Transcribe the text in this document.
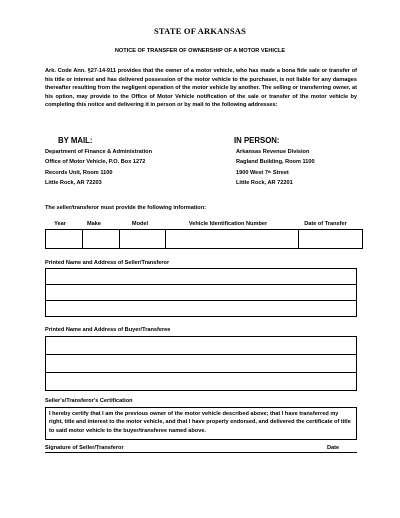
STATE OF ARKANSAS
NOTICE OF TRANSFER OF OWNERSHIP OF A MOTOR VEHICLE
Ark. Code Ann. §27-14-911 provides that the owner of a motor vehicle, who has made a bona fide sale or transfer of his title or interest and has delivered possession of the motor vehicle to the purchaser, is not liable for any damages thereafter resulting from the negligent operation of the motor vehicle by another. The selling or transferring owner, at his option, may provide to the Office of Motor Vehicle notification of the sale or transfer of the motor vehicle by completing this notice and delivering it in person or by mail to the following addresses:
BY MAIL:
Department of Finance & Administration
Office of Motor Vehicle, P.O. Box 1272
Records Unit, Room 1100
Little Rock, AR 72203
IN PERSON:
Arkansas Revenue Division
Ragland Building, Room 1100
1900 West 7th Street
Little Rock, AR 72201
The seller/transferor must provide the following information:
Year	Make	Model	Vehicle Identification Number	Date of Transfer

Printed Name and Address of Seller/Transferor

Printed Name and Address of Buyer/Transferee

Seller's/Transferor's Certification
I hereby certify that I am the previous owner of the motor vehicle described above; that I have transferred my right, title and interest to the motor vehicle, and that I have properly endorsed, and delivered the certificate of title to said motor vehicle to the buyer/transferee named above.
Signature of Seller/Transferor	Date
